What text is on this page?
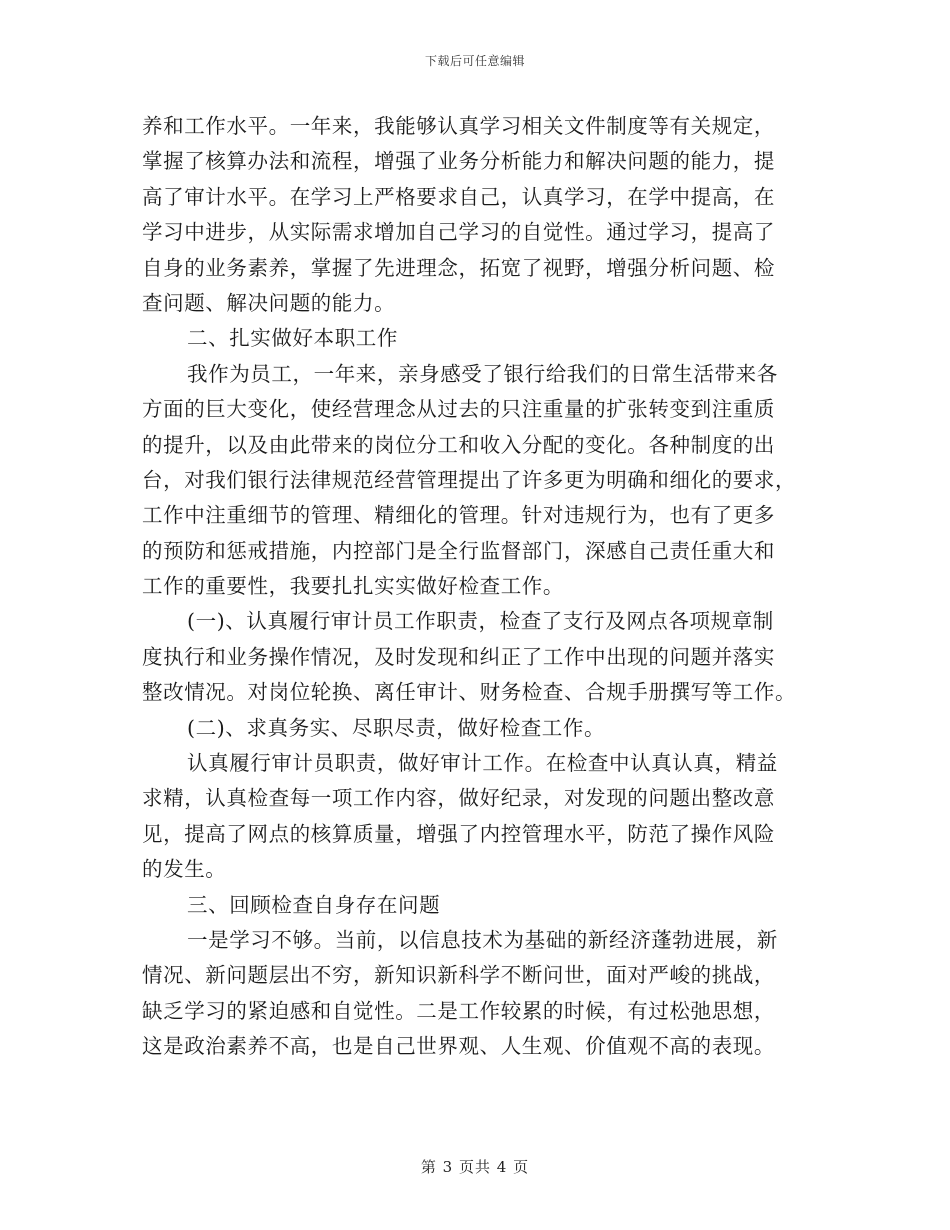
下载后可任意编辑
养和工作水平。一年来，我能够认真学习相关文件制度等有关规定，
掌握了核算办法和流程，增强了业务分析能力和解决问题的能力，提
高了审计水平。在学习上严格要求自己，认真学习，在学中提高，在
学习中进步，从实际需求增加自己学习的自觉性。通过学习，提高了
自身的业务素养，掌握了先进理念，拓宽了视野，增强分析问题、检
查问题、解决问题的能力。
二、扎实做好本职工作
我作为员工，一年来，亲身感受了银行给我们的日常生活带来各
方面的巨大变化，使经营理念从过去的只注重量的扩张转变到注重质
的提升，以及由此带来的岗位分工和收入分配的变化。各种制度的出
台，对我们银行法律规范经营管理提出了许多更为明确和细化的要求，
工作中注重细节的管理、精细化的管理。针对违规行为，也有了更多
的预防和惩戒措施，内控部门是全行监督部门，深感自己责任重大和
工作的重要性，我要扎扎实实做好检查工作。
(一)、认真履行审计员工作职责，检查了支行及网点各项规章制
度执行和业务操作情况，及时发现和纠正了工作中出现的问题并落实
整改情况。对岗位轮换、离任审计、财务检查、合规手册撰写等工作。
(二)、求真务实、尽职尽责，做好检查工作。
认真履行审计员职责，做好审计工作。在检查中认真认真，精益
求精，认真检查每一项工作内容，做好纪录，对发现的问题出整改意
见，提高了网点的核算质量，增强了内控管理水平，防范了操作风险
的发生。
三、回顾检查自身存在问题
一是学习不够。当前，以信息技术为基础的新经济蓬勃进展，新
情况、新问题层出不穷，新知识新科学不断问世，面对严峻的挑战，
缺乏学习的紧迫感和自觉性。二是工作较累的时候，有过松弛思想，
这是政治素养不高，也是自己世界观、人生观、价值观不高的表现。
第 3 页共 4 页
